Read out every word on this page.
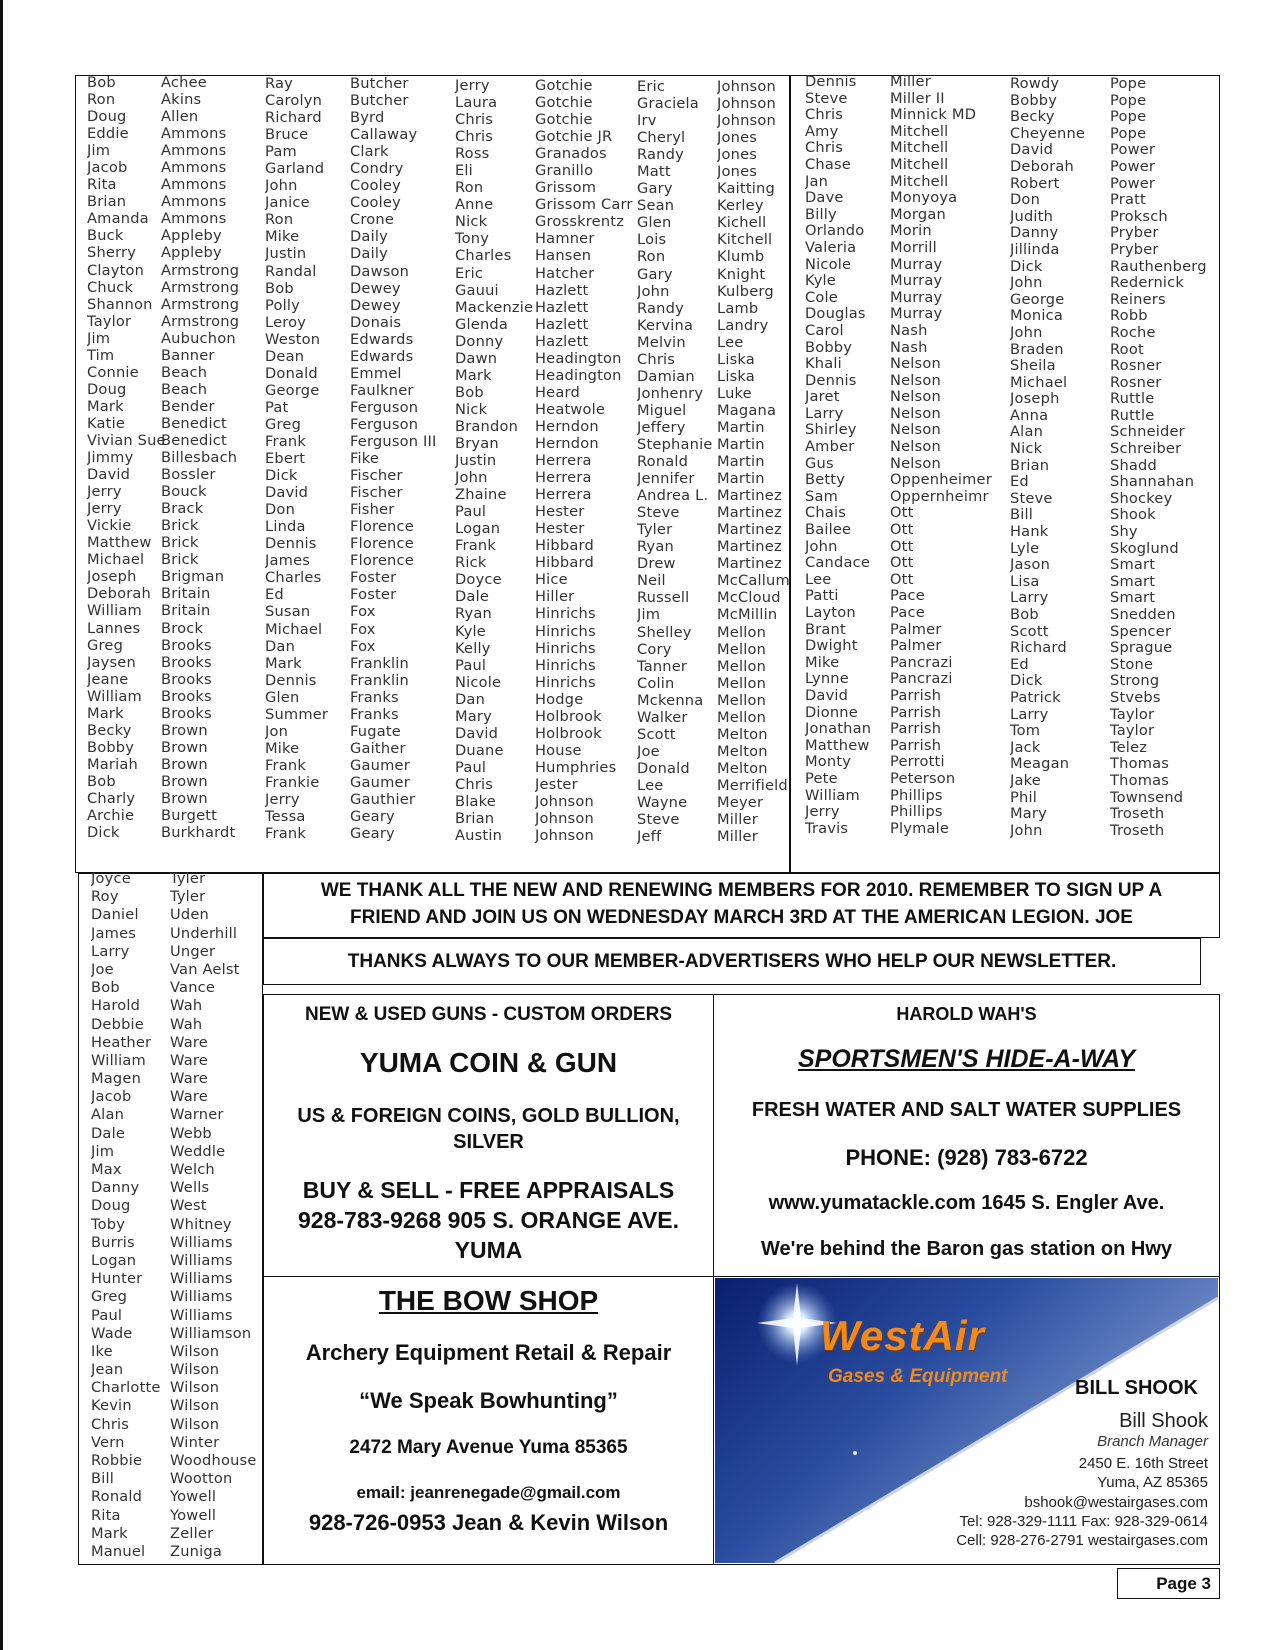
Bob
Ron
Doug
Eddie
Jim
Jacob
Rita
Brian
Amanda
Buck
Sherry
Clayton
Chuck
Shannon
Taylor
Jim
Tim
Connie
Doug
Mark
Katie
Vivian Sue
Jimmy
David
Jerry
Jerry
Vickie
Matthew
Michael
Joseph
Deborah
William
Lannes
Greg
Jaysen
Jeane
William
Mark
Becky
Bobby
Mariah
Bob
Charly
Archie
Dick
Achee
Akins
Allen
Ammons
Ammons
Ammons
Ammons
Ammons
Ammons
Appleby
Appleby
Armstrong
Armstrong
Armstrong
Armstrong
Aubuchon
Banner
Beach
Beach
Bender
Benedict
Benedict
Billesbach
Bossler
Bouck
Brack
Brick
Brick
Brick
Brigman
Britain
Britain
Brock
Brooks
Brooks
Brooks
Brooks
Brooks
Brown
Brown
Brown
Brown
Brown
Burgett
Burkhardt
Ray
Carolyn
Richard
Bruce
Pam
Garland
John
Janice
Ron
Mike
Justin
Randal
Bob
Polly
Leroy
Weston
Dean
Donald
George
Pat
Greg
Frank
Ebert
Dick
David
Don
Linda
Dennis
James
Charles
Ed
Susan
Michael
Dan
Mark
Dennis
Glen
Summer
Jon
Mike
Frank
Frankie
Jerry
Tessa
Frank
Butcher
Butcher
Byrd
Callaway
Clark
Condry
Cooley
Cooley
Crone
Daily
Daily
Dawson
Dewey
Dewey
Donais
Edwards
Edwards
Emmel
Faulkner
Ferguson
Ferguson
Ferguson III
Fike
Fischer
Fischer
Fisher
Florence
Florence
Florence
Foster
Foster
Fox
Fox
Fox
Franklin
Franklin
Franks
Franks
Fugate
Gaither
Gaumer
Gaumer
Gauthier
Geary
Geary
Jerry
Laura
Chris
Chris
Ross
Eli
Ron
Anne
Nick
Tony
Charles
Eric
Gauui
Mackenzie
Glenda
Donny
Dawn
Mark
Bob
Nick
Brandon
Bryan
Justin
John
Zhaine
Paul
Logan
Frank
Rick
Doyce
Dale
Ryan
Kyle
Kelly
Paul
Nicole
Dan
Mary
David
Duane
Paul
Chris
Blake
Brian
Austin
Gotchie
Gotchie
Gotchie
Gotchie JR
Granados
Granillo
Grissom
Grissom Carr
Grosskrentz
Hamner
Hansen
Hatcher
Hazlett
Hazlett
Hazlett
Hazlett
Headington
Headington
Heard
Heatwole
Herndon
Herndon
Herrera
Herrera
Herrera
Hester
Hester
Hibbard
Hibbard
Hice
Hiller
Hinrichs
Hinrichs
Hinrichs
Hinrichs
Hinrichs
Hodge
Holbrook
Holbrook
House
Humphries
Jester
Johnson
Johnson
Johnson
Eric
Graciela
Irv
Cheryl
Randy
Matt
Gary
Sean
Glen
Lois
Ron
Gary
John
Randy
Kervina
Melvin
Chris
Damian
Jonhenry
Miguel
Jeffery
Stephanie
Ronald
Jennifer
Andrea L.
Steve
Tyler
Ryan
Drew
Neil
Russell
Jim
Shelley
Cory
Tanner
Colin
Mckenna
Walker
Scott
Joe
Donald
Lee
Wayne
Steve
Jeff
Johnson
Johnson
Johnson
Jones
Jones
Jones
Kaitting
Kerley
Kichell
Kitchell
Klumb
Knight
Kulberg
Lamb
Landry
Lee
Liska
Liska
Luke
Magana
Martin
Martin
Martin
Martin
Martinez
Martinez
Martinez
Martinez
Martinez
McCallum
McCloud
McMillin
Mellon
Mellon
Mellon
Mellon
Mellon
Mellon
Melton
Melton
Melton
Merrifield
Meyer
Miller
Miller
Dennis
Steve
Chris
Amy
Chris
Chase
Jan
Dave
Billy
Orlando
Valeria
Nicole
Kyle
Cole
Douglas
Carol
Bobby
Khali
Dennis
Jaret
Larry
Shirley
Amber
Gus
Betty
Sam
Chais
Bailee
John
Candace
Lee
Patti
Layton
Brant
Dwight
Mike
Lynne
David
Dionne
Jonathan
Matthew
Monty
Pete
William
Jerry
Travis
Miller
Miller II
Minnick MD
Mitchell
Mitchell
Mitchell
Mitchell
Monyoya
Morgan
Morin
Morrill
Murray
Murray
Murray
Murray
Nash
Nash
Nelson
Nelson
Nelson
Nelson
Nelson
Nelson
Nelson
Oppenheimer
Oppernheimr
Ott
Ott
Ott
Ott
Ott
Pace
Pace
Palmer
Palmer
Pancrazi
Pancrazi
Parrish
Parrish
Parrish
Parrish
Perrotti
Peterson
Phillips
Phillips
Plymale
Rowdy
Bobby
Becky
Cheyenne
David
Deborah
Robert
Don
Judith
Danny
Jillinda
Dick
John
George
Monica
John
Braden
Sheila
Michael
Joseph
Anna
Alan
Nick
Brian
Ed
Steve
Bill
Hank
Lyle
Jason
Lisa
Larry
Bob
Scott
Richard
Ed
Dick
Patrick
Larry
Tom
Jack
Meagan
Jake
Phil
Mary
John
Pope
Pope
Pope
Pope
Power
Power
Power
Pratt
Proksch
Pryber
Pryber
Rauthenberg
Redernick
Reiners
Robb
Roche
Root
Rosner
Rosner
Ruttle
Ruttle
Schneider
Schreiber
Shadd
Shannahan
Shockey
Shook
Shy
Skoglund
Smart
Smart
Smart
Snedden
Spencer
Sprague
Stone
Strong
Stvebs
Taylor
Taylor
Telez
Thomas
Thomas
Townsend
Troseth
Troseth
Joyce
Roy
Daniel
James
Larry
Joe
Bob
Harold
Debbie
Heather
William
Magen
Jacob
Alan
Dale
Jim
Max
Danny
Doug
Toby
Burris
Logan
Hunter
Greg
Paul
Wade
Ike
Jean
Charlotte
Kevin
Chris
Vern
Robbie
Bill
Ronald
Rita
Mark
Manuel
Tyler
Tyler
Uden
Underhill
Unger
Van Aelst
Vance
Wah
Wah
Ware
Ware
Ware
Ware
Warner
Webb
Weddle
Welch
Wells
West
Whitney
Williams
Williams
Williams
Williams
Williams
Williamson
Wilson
Wilson
Wilson
Wilson
Wilson
Winter
Woodhouse
Wootton
Yowell
Yowell
Zeller
Zuniga
WE THANK ALL THE NEW AND RENEWING MEMBERS FOR 2010. REMEMBER TO SIGN UP A
FRIEND AND JOIN US ON WEDNESDAY MARCH 3RD AT THE AMERICAN LEGION. JOE
THANKS ALWAYS TO OUR MEMBER-ADVERTISERS WHO HELP OUR NEWSLETTER.
NEW & USED GUNS - CUSTOM ORDERS
YUMA COIN & GUN
US & FOREIGN COINS, GOLD BULLION,
SILVER
BUY & SELL - FREE APPRAISALS
928-783-9268 905 S. ORANGE AVE.
YUMA
HAROLD WAH'S
SPORTSMEN'S HIDE-A-WAY
FRESH WATER AND SALT WATER SUPPLIES
PHONE: (928) 783-6722
www.yumatackle.com 1645 S. Engler Ave.
We're behind the Baron gas station on Hwy
THE BOW SHOP
Archery Equipment Retail & Repair
“We Speak Bowhunting”
2472 Mary Avenue Yuma 85365
email: jeanrenegade@gmail.com
928-726-0953 Jean & Kevin Wilson
WestAir
Gases & Equipment
BILL SHOOK
Bill Shook
Branch Manager
2450 E. 16th Street
Yuma, AZ 85365
bshook@westairgases.com
Tel: 928-329-1111 Fax: 928-329-0614
Cell: 928-276-2791 westairgases.com
Page 3
